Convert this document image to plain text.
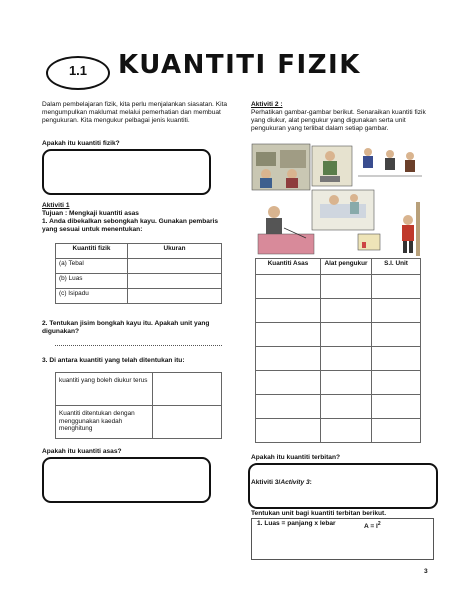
1.1	KUANTITI FIZIK
Dalam pembelajaran fizik, kita perlu menjalankan siasatan. Kita mengumpulkan maklumat melalui pemerhatian dan membuat pengukuran. Kita mengukur pelbagai jenis kuantiti.
Apakah itu kuantiti fizik?
Aktiviti 1
Tujuan : Mengkaji kuantiti asas
1. Anda dibekalkan sebongkah kayu. Gunakan pembaris yang sesuai untuk menentukan:
Kuantiti fizik	Ukuran
(a) Tebal	
(b) Luas	
(c) Isipadu	
2. Tentukan jisim bongkah kayu itu. Apakah unit yang digunakan?
3. Di antara kuantiti yang telah ditentukan itu:
kuantiti yang boleh diukur terus	
Kuantiti ditentukan dengan menggunakan kaedah menghitung	
Apakah itu kuantiti asas?
Aktiviti 2 :
Perhatikan gambar-gambar berikut. Senaraikan kuantiti fizik yang diukur, alat pengukur yang digunakan serta unit pengukuran yang terlibat dalam setiap gambar.
Kuantiti Asas	Alat pengukur	S.I. Unit

Apakah itu kuantiti terbitan?
Aktiviti 3/Activity 3:
Tentukan unit bagi kuantiti terbitan berikut.
1. Luas = panjang x lebar	$A = l^2$
3
